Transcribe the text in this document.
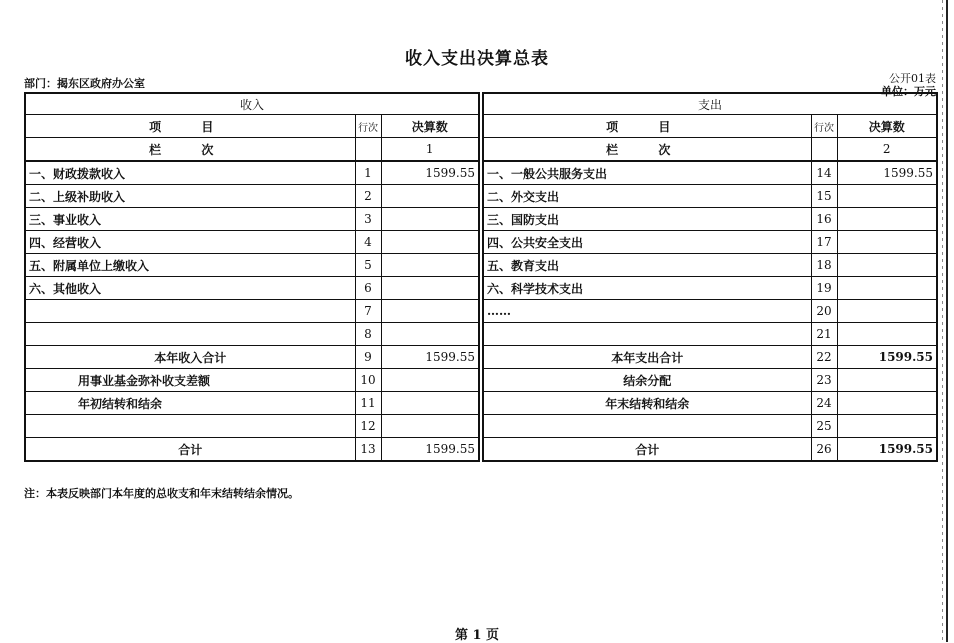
收入支出决算总表
部门：揭东区政府办公室	公开01表
单位：万元
收入		
项 目	行次	决算数
栏 次		1
一、财政拨款收入	1	1599.55
二、上级补助收入	2	
三、事业收入	3	
四、经营收入	4	
五、附属单位上缴收入	5	
六、其他收入	6	
	7	
	8	
本年收入合计	9	1599.55
用事业基金弥补收支差额	10	
年初结转和结余	11	
	12	
合计	13	1599.55
支出		
项 目	行次	决算数
栏 次		2
一、一般公共服务支出	14	1599.55
二、外交支出	15	
三、国防支出	16	
四、公共安全支出	17	
五、教育支出	18	
六、科学技术支出	19	
……	20	
	21	
本年支出合计	22	1599.55
结余分配	23	
年末结转和结余	24	
	25	
合计	26	1599.55
注：本表反映部门本年度的总收支和年末结转结余情况。
第 1 页
